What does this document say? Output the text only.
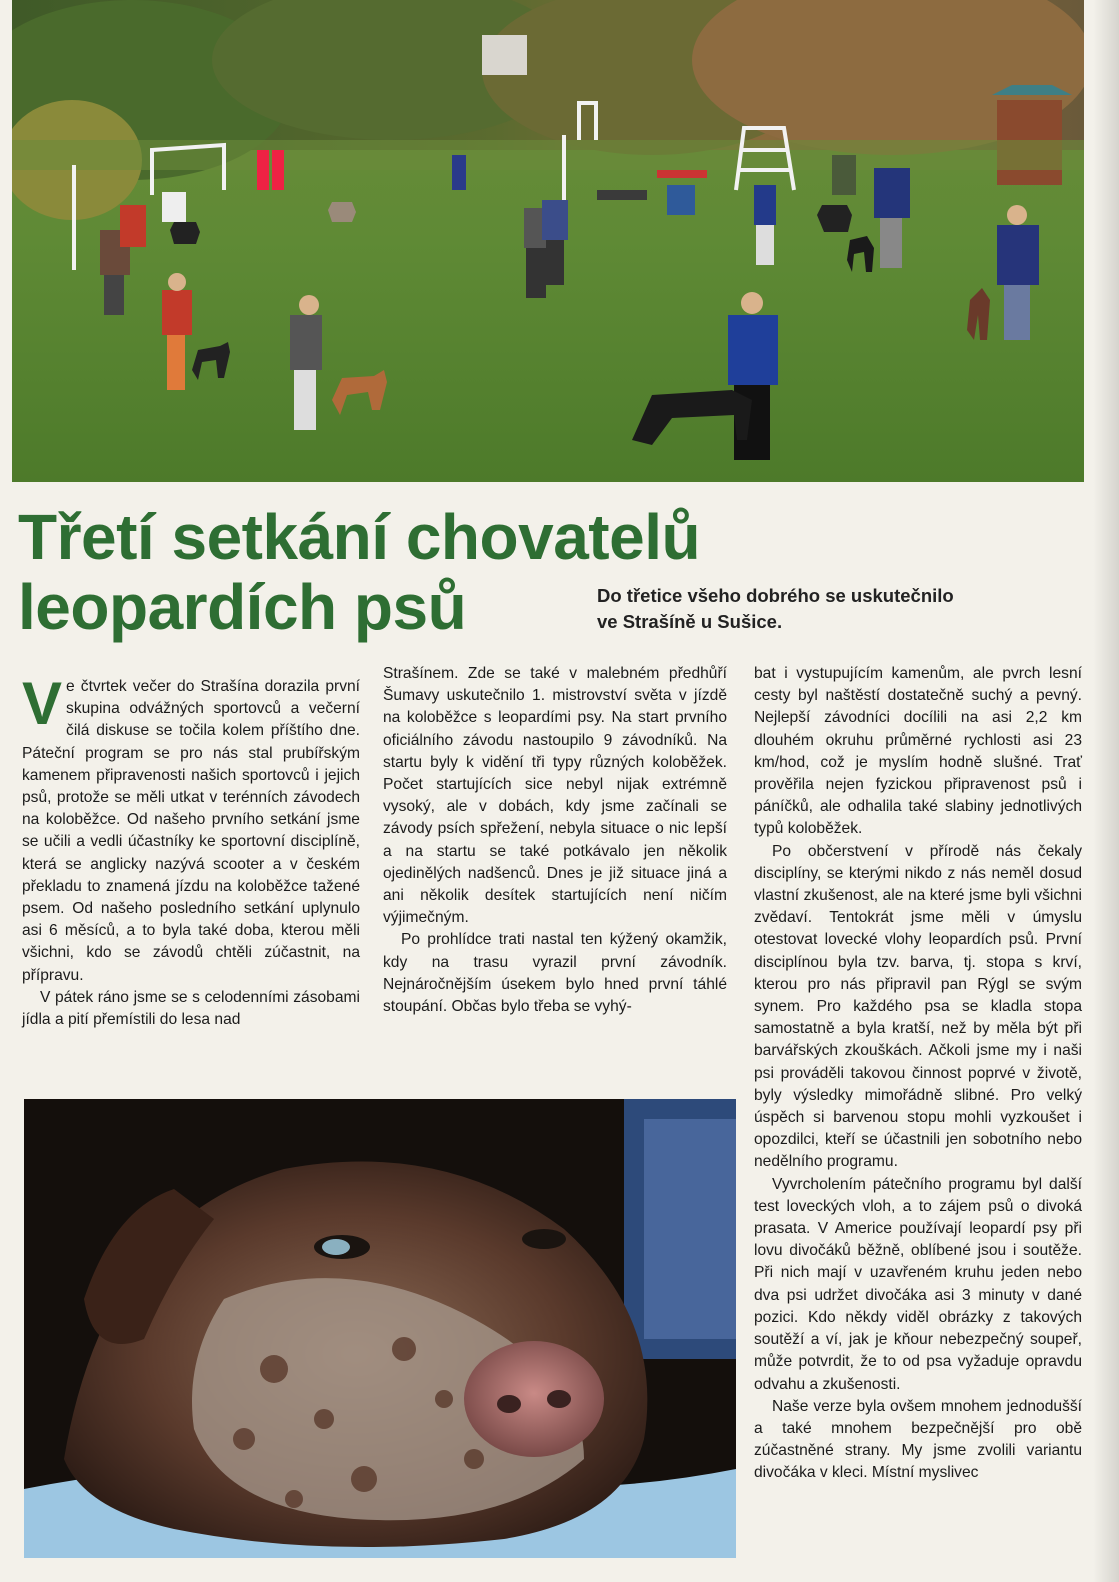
Třetí setkání chovatelů
leopardích psů	Do třetice všeho dobrého se uskutečnilo
ve Strašíně u Sušice.

Ve čtvrtek večer do Strašína dorazila první skupina odvážných sportovců a večerní čilá diskuse se točila kolem příštího dne. Páteční program se pro nás stal prubířským kamenem připravenosti našich sportovců i jejich psů, protože se měli utkat v terénních závodech na koloběžce. Od našeho prvního setkání jsme se učili a vedli účastníky ke sportovní disciplíně, která se anglicky nazývá scooter a v českém překladu to znamená jízdu na koloběžce tažené psem. Od našeho posledního setkání uplynulo asi 6 měsíců, a to byla také doba, kterou měli všichni, kdo se závodů chtěli zúčastnit, na přípravu.

V pátek ráno jsme se s celodenními zásobami jídla a pití přemístili do lesa nad

Strašínem. Zde se také v malebném předhůří Šumavy uskutečnilo 1. mistrovství světa v jízdě na koloběžce s leopardími psy. Na start prvního oficiálního závodu nastoupilo 9 závodníků. Na startu byly k vidění tři typy různých koloběžek. Počet startujících sice nebyl nijak extrémně vysoký, ale v dobách, kdy jsme začínali se závody psích spřežení, nebyla situace o nic lepší a na startu se také potkávalo jen několik ojedinělých nadšenců. Dnes je již situace jiná a ani několik desítek startujících není ničím výjimečným.

Po prohlídce trati nastal ten kýžený okamžik, kdy na trasu vyrazil první závodník. Nejnáročnějším úsekem bylo hned první táhlé stoupání. Občas bylo třeba se vyhý-

bat i vystupujícím kamenům, ale pvrch lesní cesty byl naštěstí dostatečně suchý a pevný. Nejlepší závodníci docílili na asi 2,2 km dlouhém okruhu průměrné rychlosti asi 23 km/hod, což je myslím hodně slušné. Trať prověřila nejen fyzickou připravenost psů i páníčků, ale odhalila také slabiny jednotlivých typů koloběžek.

Po občerstvení v přírodě nás čekaly disciplíny, se kterými nikdo z nás neměl dosud vlastní zkušenost, ale na které jsme byli všichni zvědaví. Tentokrát jsme měli v úmyslu otestovat lovecké vlohy leopardích psů. První disciplínou byla tzv. barva, tj. stopa s krví, kterou pro nás připravil pan Rýgl se svým synem. Pro každého psa se kladla stopa samostatně a byla kratší, než by měla být při barvářských zkouškách. Ačkoli jsme my i naši psi prováděli takovou činnost poprvé v životě, byly výsledky mimořádně slibné. Pro velký úspěch si barvenou stopu mohli vyzkoušet i opozdilci, kteří se účastnili jen sobotního nebo nedělního programu.

Vyvrcholením pátečního programu byl další test loveckých vloh, a to zájem psů o divoká prasata. V Americe používají leopardí psy při lovu divočáků běžně, oblíbené jsou i soutěže. Při nich mají v uzavřeném kruhu jeden nebo dva psi udržet divočáka asi 3 minuty v dané pozici. Kdo někdy viděl obrázky z takových soutěží a ví, jak je kňour nebezpečný soupeř, může potvrdit, že to od psa vyžaduje opravdu odvahu a zkušenosti.

Naše verze byla ovšem mnohem jednodušší a také mnohem bezpečnější pro obě zúčastněné strany. My jsme zvolili variantu divočáka v kleci. Místní myslivec
